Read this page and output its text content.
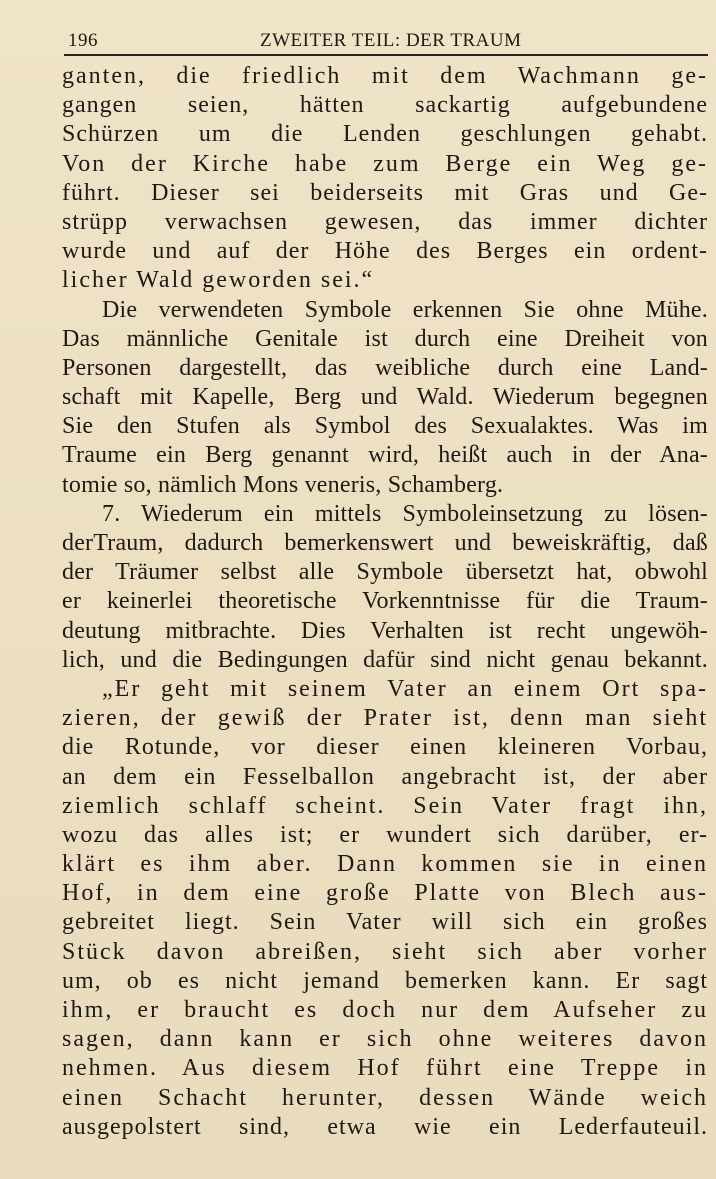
196	ZWEITER TEIL: DER TRAUM
ganten, die friedlich mit dem Wachmann ge-
gangen seien, hätten sackartig aufgebundene
Schürzen um die Lenden geschlungen gehabt.
Von der Kirche habe zum Berge ein Weg ge-
führt. Dieser sei beiderseits mit Gras und Ge-
strüpp verwachsen gewesen, das immer dichter
wurde und auf der Höhe des Berges ein ordent-
licher Wald geworden sei.“
Die verwendeten Symbole erkennen Sie ohne Mühe.
Das männliche Genitale ist durch eine Dreiheit von
Personen dargestellt, das weibliche durch eine Land-
schaft mit Kapelle, Berg und Wald. Wiederum begegnen
Sie den Stufen als Symbol des Sexualaktes. Was im
Traume ein Berg genannt wird, heißt auch in der Ana-
tomie so, nämlich Mons veneris, Schamberg.
7. Wiederum ein mittels Symboleinsetzung zu lösen-
derTraum, dadurch bemerkenswert und beweiskräftig, daß
der Träumer selbst alle Symbole übersetzt hat, obwohl
er keinerlei theoretische Vorkenntnisse für die Traum-
deutung mitbrachte. Dies Verhalten ist recht ungewöh-
lich, und die Bedingungen dafür sind nicht genau bekannt.
„Er geht mit seinem Vater an einem Ort spa-
zieren, der gewiß der Prater ist, denn man sieht
die Rotunde, vor dieser einen kleineren Vorbau,
an dem ein Fesselballon angebracht ist, der aber
ziemlich schlaff scheint. Sein Vater fragt ihn,
wozu das alles ist; er wundert sich darüber, er-
klärt es ihm aber. Dann kommen sie in einen
Hof, in dem eine große Platte von Blech aus-
gebreitet liegt. Sein Vater will sich ein großes
Stück davon abreißen, sieht sich aber vorher
um, ob es nicht jemand bemerken kann. Er sagt
ihm, er braucht es doch nur dem Aufseher zu
sagen, dann kann er sich ohne weiteres davon
nehmen. Aus diesem Hof führt eine Treppe in
einen Schacht herunter, dessen Wände weich
ausgepolstert sind, etwa wie ein Lederfauteuil.
